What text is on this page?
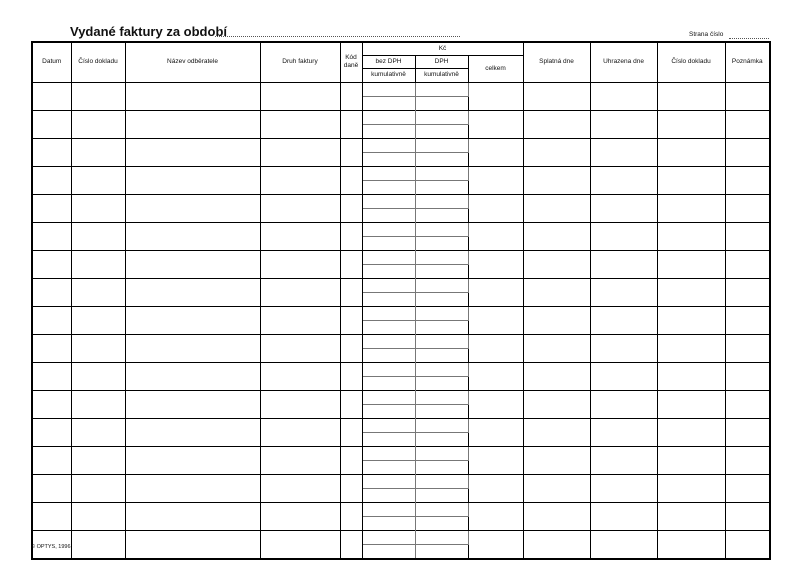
Vydané faktury za období	Strana číslo
Datum	Číslo dokladu	Název odběratele	Druh faktury	Kód daně	Kč			Splatná dne	Uhrazena dne	Číslo dokladu	Poznámka
					bez DPH	DPH	celkem				
					kumulativně	kumulativně					

© OPTYS, 1996
